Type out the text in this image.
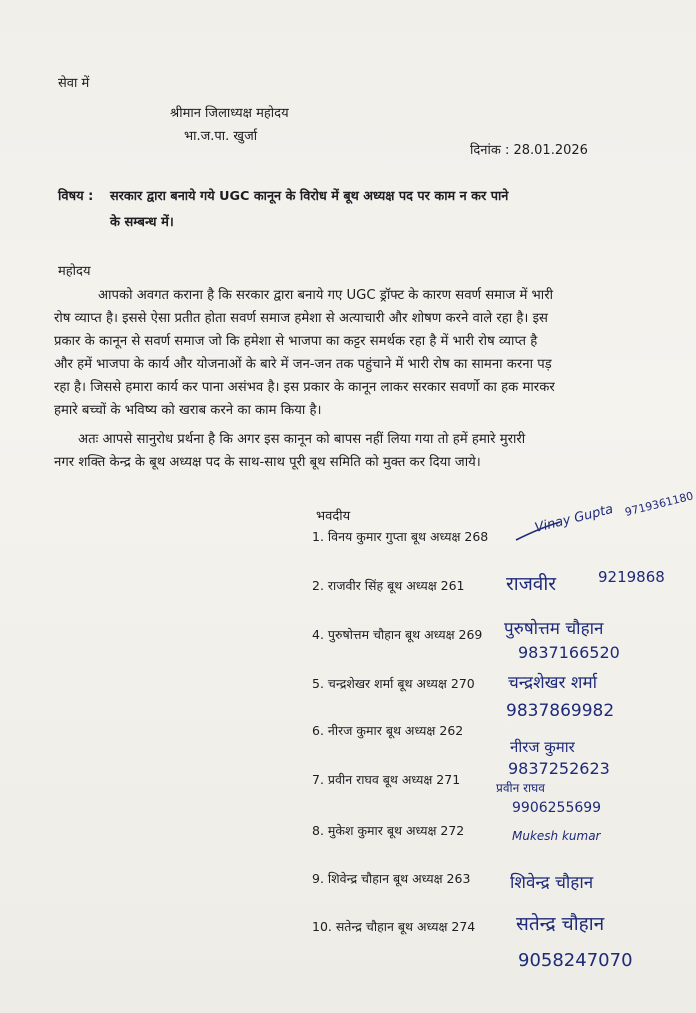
सेवा में
श्रीमान जिलाध्यक्ष महोदय
भा.ज.पा. खुर्जा
दिनांक : 28.01.2026
विषय : सरकार द्वारा बनाये गये UGC कानून के विरोध में बूथ अध्यक्ष पद पर काम न कर पाने
के सम्बन्ध में।
महोदय
आपको अवगत कराना है कि सरकार द्वारा बनाये गए UGC ड्रॉफ्ट के कारण सवर्ण समाज में भारी
रोष व्याप्त है। इससे ऐसा प्रतीत होता सवर्ण समाज हमेशा से अत्याचारी और शोषण करने वाले रहा है। इस
प्रकार के कानून से सवर्ण समाज जो कि हमेशा से भाजपा का कट्टर समर्थक रहा है में भारी रोष व्याप्त है
और हमें भाजपा के कार्य और योजनाओं के बारे में जन-जन तक पहुंचाने में भारी रोष का सामना करना पड़
रहा है। जिससे हमारा कार्य कर पाना असंभव है। इस प्रकार के कानून लाकर सरकार सवर्णो का हक मारकर
हमारे बच्चों के भविष्य को खराब करने का काम किया है।
अतः आपसे सानुरोध प्रर्थना है कि अगर इस कानून को बापस नहीं लिया गया तो हमें हमारे मुरारी
नगर शक्ति केन्द्र के बूथ अध्यक्ष पद के साथ-साथ पूरी बूथ समिति को मुक्त कर दिया जाये।
भवदीय
1. विनय कुमार गुप्ता बूथ अध्यक्ष 268
2. राजवीर सिंह बूथ अध्यक्ष 261
4. पुरुषोत्तम चौहान बूथ अध्यक्ष 269
5. चन्द्रशेखर शर्मा बूथ अध्यक्ष 270
6. नीरज कुमार बूथ अध्यक्ष 262
7. प्रवीन राघव बूथ अध्यक्ष 271
8. मुकेश कुमार बूथ अध्यक्ष 272
9. शिवेन्द्र चौहान बूथ अध्यक्ष 263
10. सतेन्द्र चौहान बूथ अध्यक्ष 274
Vinay Gupta 9719361180
राजवीर	9219868
पुरुषोत्तम चौहान
9837166520
चन्द्रशेखर शर्मा
9837869982
नीरज कुमार
9837252623
प्रवीन राघव
9906255699
Mukesh kumar
शिवेन्द्र चौहान
सतेन्द्र चौहान
9058247070
